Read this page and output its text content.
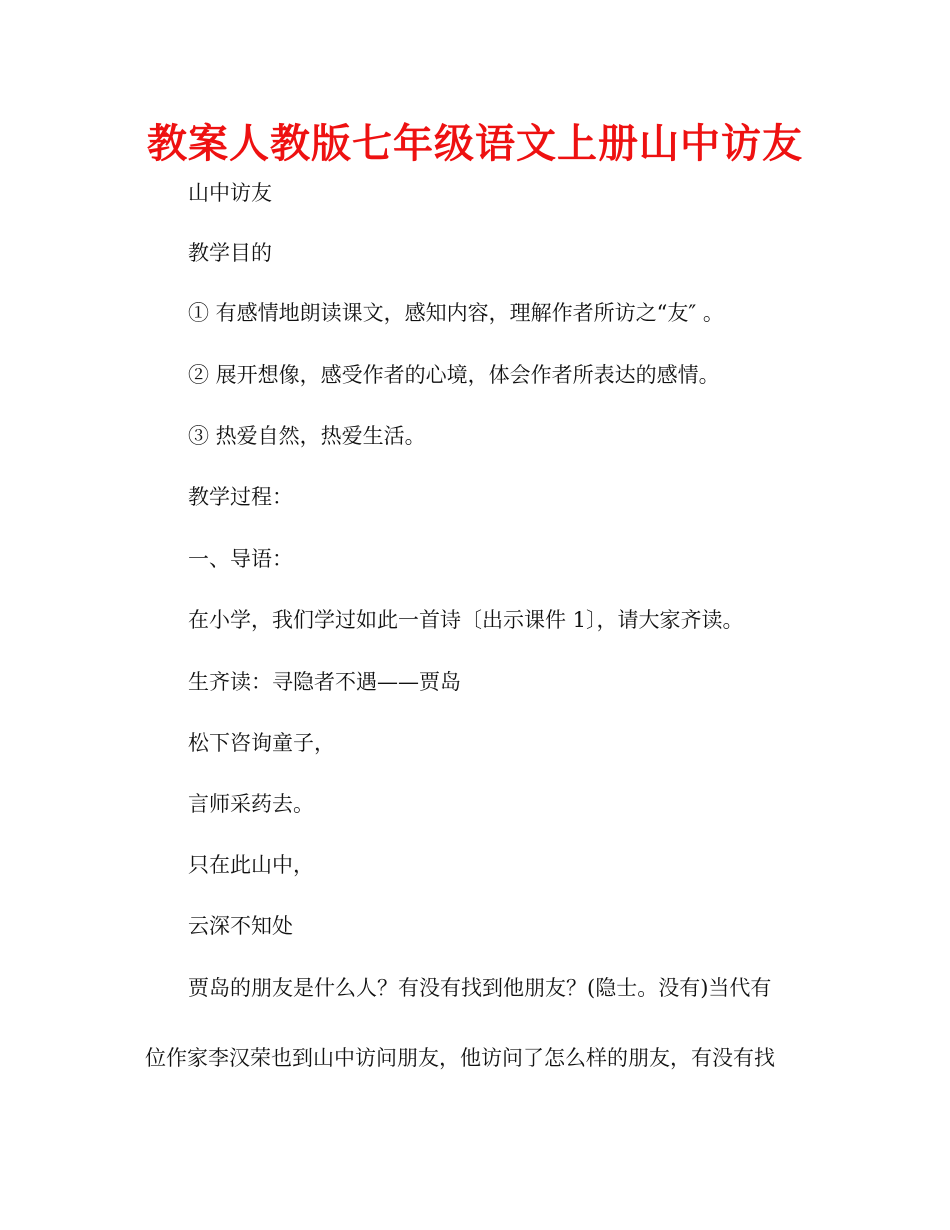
教案人教版七年级语文上册山中访友
山中访友
教学目的
① 有感情地朗读课文，感知内容，理解作者所访之“友″ 。
② 展开想像，感受作者的心境，体会作者所表达的感情。
③ 热爱自然，热爱生活。
教学过程：
一、导语：
在小学，我们学过如此一首诗〔出示课件 1〕，请大家齐读。
生齐读：寻隐者不遇——贾岛
松下咨询童子，
言师采药去。
只在此山中，
云深不知处
贾岛的朋友是什么人？有没有找到他朋友？(隐士。没有)当代有
位作家李汉荣也到山中访问朋友，他访问了怎么样的朋友，有没有找
